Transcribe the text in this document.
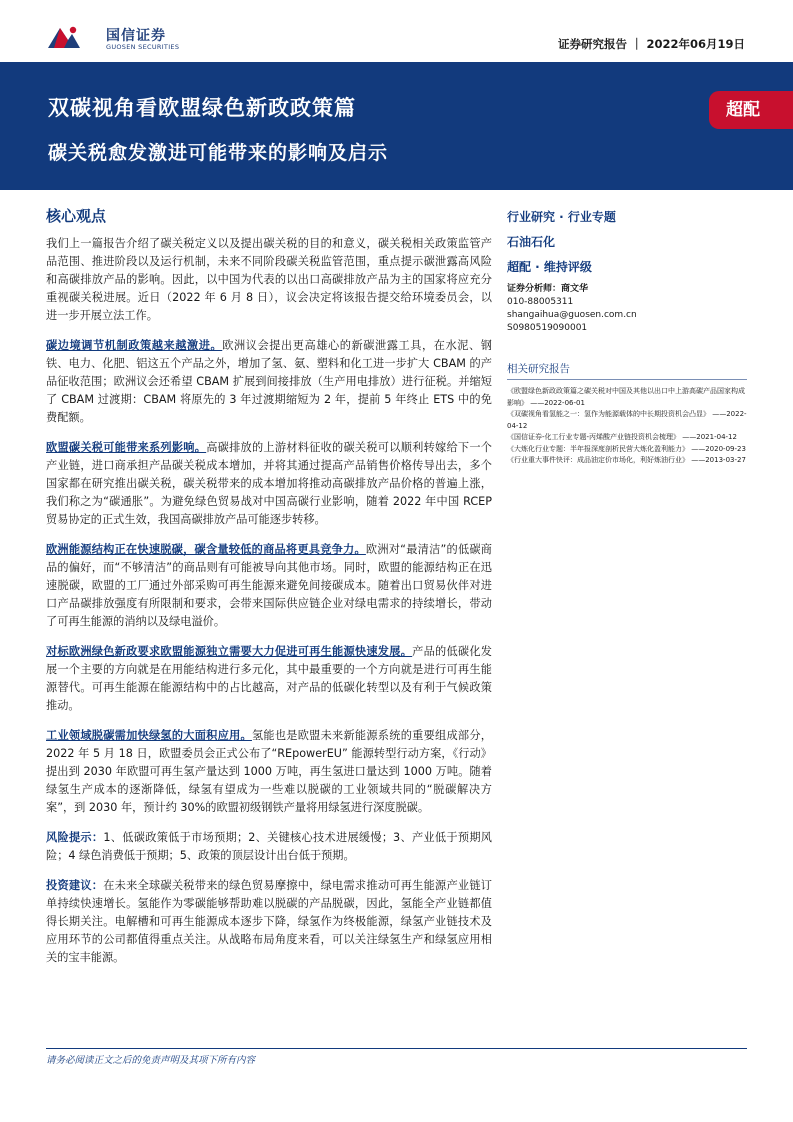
国信证券
GUOSEN SECURITIES	证券研究报告 ｜ 2022年06月19日
双碳视角看欧盟绿色新政政策篇
碳关税愈发激进可能带来的影响及启示
超配
核心观点

我们上一篇报告介绍了碳关税定义以及提出碳关税的目的和意义，碳关税相关政策监管产品范围、推进阶段以及运行机制，未来不同阶段碳关税监管范围，重点提示碳泄露高风险和高碳排放产品的影响。因此，以中国为代表的以出口高碳排放产品为主的国家将应充分重视碳关税进展。近日（2022 年 6 月 8 日），议会决定将该报告提交给环境委员会，以进一步开展立法工作。

碳边境调节机制政策越来越激进。欧洲议会提出更高雄心的新碳泄露工具，在水泥、钢铁、电力、化肥、铝这五个产品之外，增加了氢、氨、塑料和化工进一步扩大 CBAM 的产品征收范围；欧洲议会还希望 CBAM 扩展到间接排放（生产用电排放）进行征税。并缩短了 CBAM 过渡期：CBAM 将原先的 3 年过渡期缩短为 2 年，提前 5 年终止 ETS 中的免费配额。

欧盟碳关税可能带来系列影响。高碳排放的上游材料征收的碳关税可以顺利转嫁给下一个产业链，进口商承担产品碳关税成本增加，并将其通过提高产品销售价格传导出去，多个国家都在研究推出碳关税，碳关税带来的成本增加将推动高碳排放产品价格的普遍上涨，我们称之为“碳通胀”。为避免绿色贸易战对中国高碳行业影响，随着 2022 年中国 RCEP 贸易协定的正式生效，我国高碳排放产品可能逐步转移。

欧洲能源结构正在快速脱碳，碳含量较低的商品将更具竞争力。欧洲对“最清洁”的低碳商品的偏好，而“不够清洁”的商品则有可能被导向其他市场。同时，欧盟的能源结构正在迅速脱碳，欧盟的工厂通过外部采购可再生能源来避免间接碳成本。随着出口贸易伙伴对进口产品碳排放强度有所限制和要求，会带来国际供应链企业对绿电需求的持续增长，带动了可再生能源的消纳以及绿电溢价。

对标欧洲绿色新政要求欧盟能源独立需要大力促进可再生能源快速发展。产品的低碳化发展一个主要的方向就是在用能结构进行多元化，其中最重要的一个方向就是进行可再生能源替代。可再生能源在能源结构中的占比越高，对产品的低碳化转型以及有利于气候政策推动。

工业领域脱碳需加快绿氢的大面积应用。氢能也是欧盟未来新能源系统的重要组成部分，2022 年 5 月 18 日，欧盟委员会正式公布了“REpowerEU” 能源转型行动方案，《行动》提出到 2030 年欧盟可再生氢产量达到 1000 万吨，再生氢进口量达到 1000 万吨。随着绿氢生产成本的逐渐降低，绿氢有望成为一些难以脱碳的工业领域共同的“脱碳解决方案”，到 2030 年，预计约 30%的欧盟初级钢铁产量将用绿氢进行深度脱碳。

风险提示：1、低碳政策低于市场预期；2、关键核心技术进展缓慢；3、产业低于预期风险；4 绿色消费低于预期；5、政策的顶层设计出台低于预期。

投资建议：在未来全球碳关税带来的绿色贸易摩擦中，绿电需求推动可再生能源产业链订单持续快速增长。氢能作为零碳能够帮助难以脱碳的产品脱碳，因此，氢能全产业链都值得长期关注。电解槽和可再生能源成本逐步下降，绿氢作为终极能源，绿氢产业链技术及应用环节的公司都值得重点关注。从战略布局角度来看，可以关注绿氢生产和绿氢应用相关的宝丰能源。

行业研究 · 行业专题
石油石化
超配 · 维持评级
证券分析师：商文华
010-88005311
shangaihua@guosen.com.cn
S0980519090001
相关研究报告
《欧盟绿色新政政策篇之碳关税对中国及其他以出口中上游高碳产品国家构成影响》 ——2022-06-01
《双碳视角看氢能之一：氢作为能源载体的中长期投资机会凸显》 ——2022-04-12
《国信证券-化工行业专题-丙烯酸产业链投资机会梳理》 ——2021-04-12
《大炼化行业专题：半年报深度剖析民营大炼化盈利能力》 ——2020-09-23
《行业重大事件快评：成品油定价市场化，利好炼油行业》 ——2013-03-27
请务必阅读正文之后的免责声明及其项下所有内容
